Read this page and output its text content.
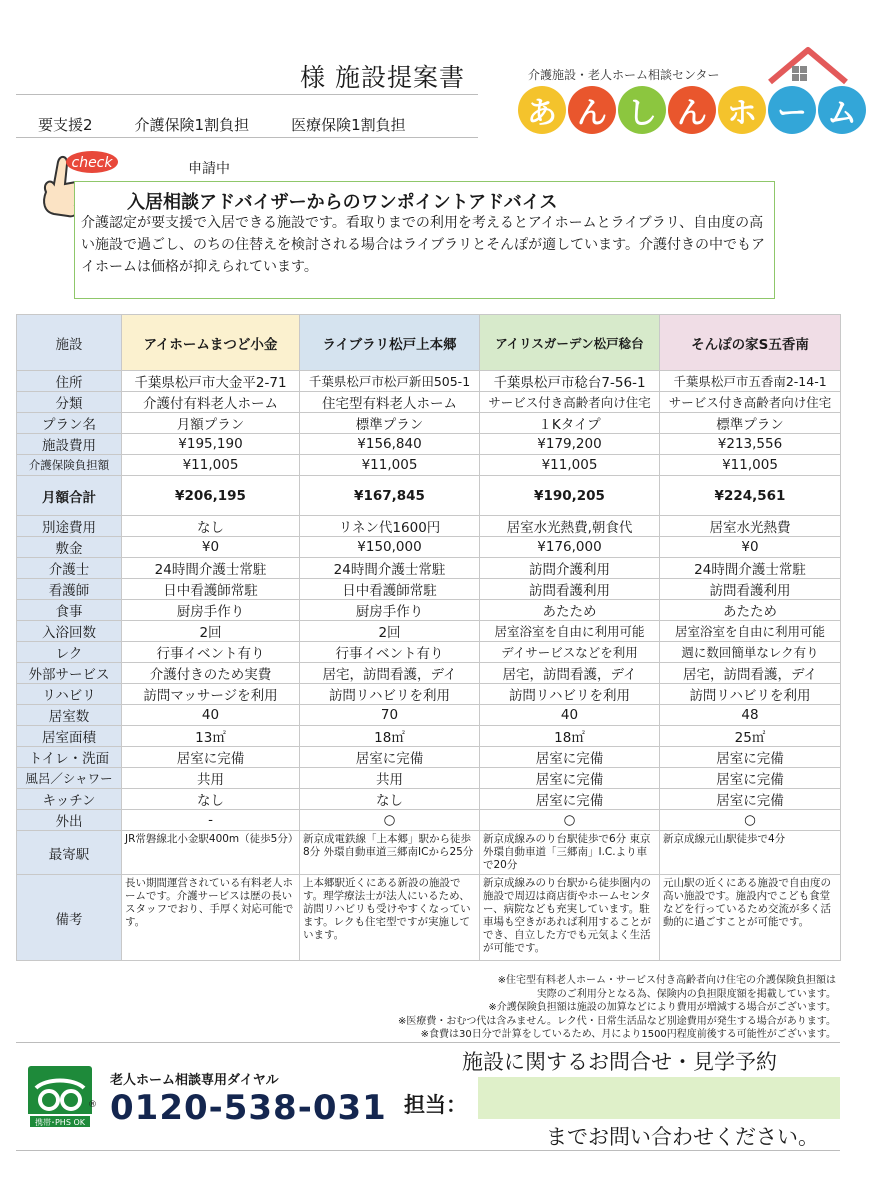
様 施設提案書
要支援2	介護保険1割負担	医療保険1割負担
介護施設・老人ホーム相談センター
あ ん し ん ホ ー ム
check	申請中
入居相談アドバイザーからのワンポイントアドバイス
介護認定が要支援で入居できる施設です。看取りまでの利用を考えるとアイホームとライブラリ、自由度の高い施設で過ごし、のちの住替えを検討される場合はライブラリとそんぽが適しています。介護付きの中でもアイホームは価格が抑えられています。
施設	アイホームまつど小金	ライブラリ松戸上本郷	アイリスガーデン松戸稔台	そんぽの家S五香南
住所	千葉県松戸市大金平2-71	千葉県松戸市松戸新田505-1	千葉県松戸市稔台7-56-1	千葉県松戸市五香南2-14-1
分類	介護付有料老人ホーム	住宅型有料老人ホーム	サービス付き高齢者向け住宅	サービス付き高齢者向け住宅
プラン名	月額プラン	標準プラン	１Kタイプ	標準プラン
施設費用	¥195,190	¥156,840	¥179,200	¥213,556
介護保険負担額	¥11,005	¥11,005	¥11,005	¥11,005
月額合計	¥206,195	¥167,845	¥190,205	¥224,561
別途費用	なし	リネン代1600円	居室水光熱費,朝食代	居室水光熱費
敷金	¥0	¥150,000	¥176,000	¥0
介護士	24時間介護士常駐	24時間介護士常駐	訪問介護利用	24時間介護士常駐
看護師	日中看護師常駐	日中看護師常駐	訪問看護利用	訪問看護利用
食事	厨房手作り	厨房手作り	あたため	あたため
入浴回数	2回	2回	居室浴室を自由に利用可能	居室浴室を自由に利用可能
レク	行事イベント有り	行事イベント有り	デイサービスなどを利用	週に数回簡単なレク有り
外部サービス	介護付きのため実費	居宅，訪問看護，デイ	居宅，訪問看護，デイ	居宅，訪問看護，デイ
リハビリ	訪問マッサージを利用	訪問リハビリを利用	訪問リハビリを利用	訪問リハビリを利用
居室数	40	70	40	48
居室面積	13㎡	18㎡	18㎡	25㎡
トイレ・洗面	居室に完備	居室に完備	居室に完備	居室に完備
風呂／シャワー	共用	共用	居室に完備	居室に完備
キッチン	なし	なし	居室に完備	居室に完備
外出	-	○	○	○
最寄駅	JR常磐線北小金駅400m（徒歩5分）	新京成電鉄線「上本郷」駅から徒歩8分 外環自動車道三郷南ICから25分	新京成線みのり台駅徒歩で6分 東京外環自動車道「三郷南」I.C.より車で20分	新京成線元山駅徒歩で4分
備考	長い期間運営されている有料老人ホームです。介護サービスは歴の長いスタッフでおり、手厚く対応可能です。	上本郷駅近くにある新設の施設です。理学療法士が法人にいるため、訪問リハビリも受けやすくなっています。レクも住宅型ですが実施しています。	新京成線みのり台駅から徒歩圏内の施設で周辺は商店街やホームセンター、病院なども充実しています。駐車場も空きがあれば利用することができ、自立した方でも元気よく生活が可能です。	元山駅の近くにある施設で自由度の高い施設です。施設内でこども食堂などを行っているため交流が多く活動的に過ごすことが可能です。
※住宅型有料老人ホーム・サービス付き高齢者向け住宅の介護保険負担額は
実際のご利用分となる為、保険内の負担限度額を掲載しています。
※介護保険負担額は施設の加算などにより費用が増減する場合がございます。
※医療費・おむつ代は含みません。レク代・日常生活品など別途費用が発生する場合があります。
※食費は30日分で計算をしているため、月により1500円程度前後する可能性がございます。
携帯･PHS OK
®
老人ホーム相談専用ダイヤル
0120-538-031
施設に関するお問合せ・見学予約
担当：
までお問い合わせください。
